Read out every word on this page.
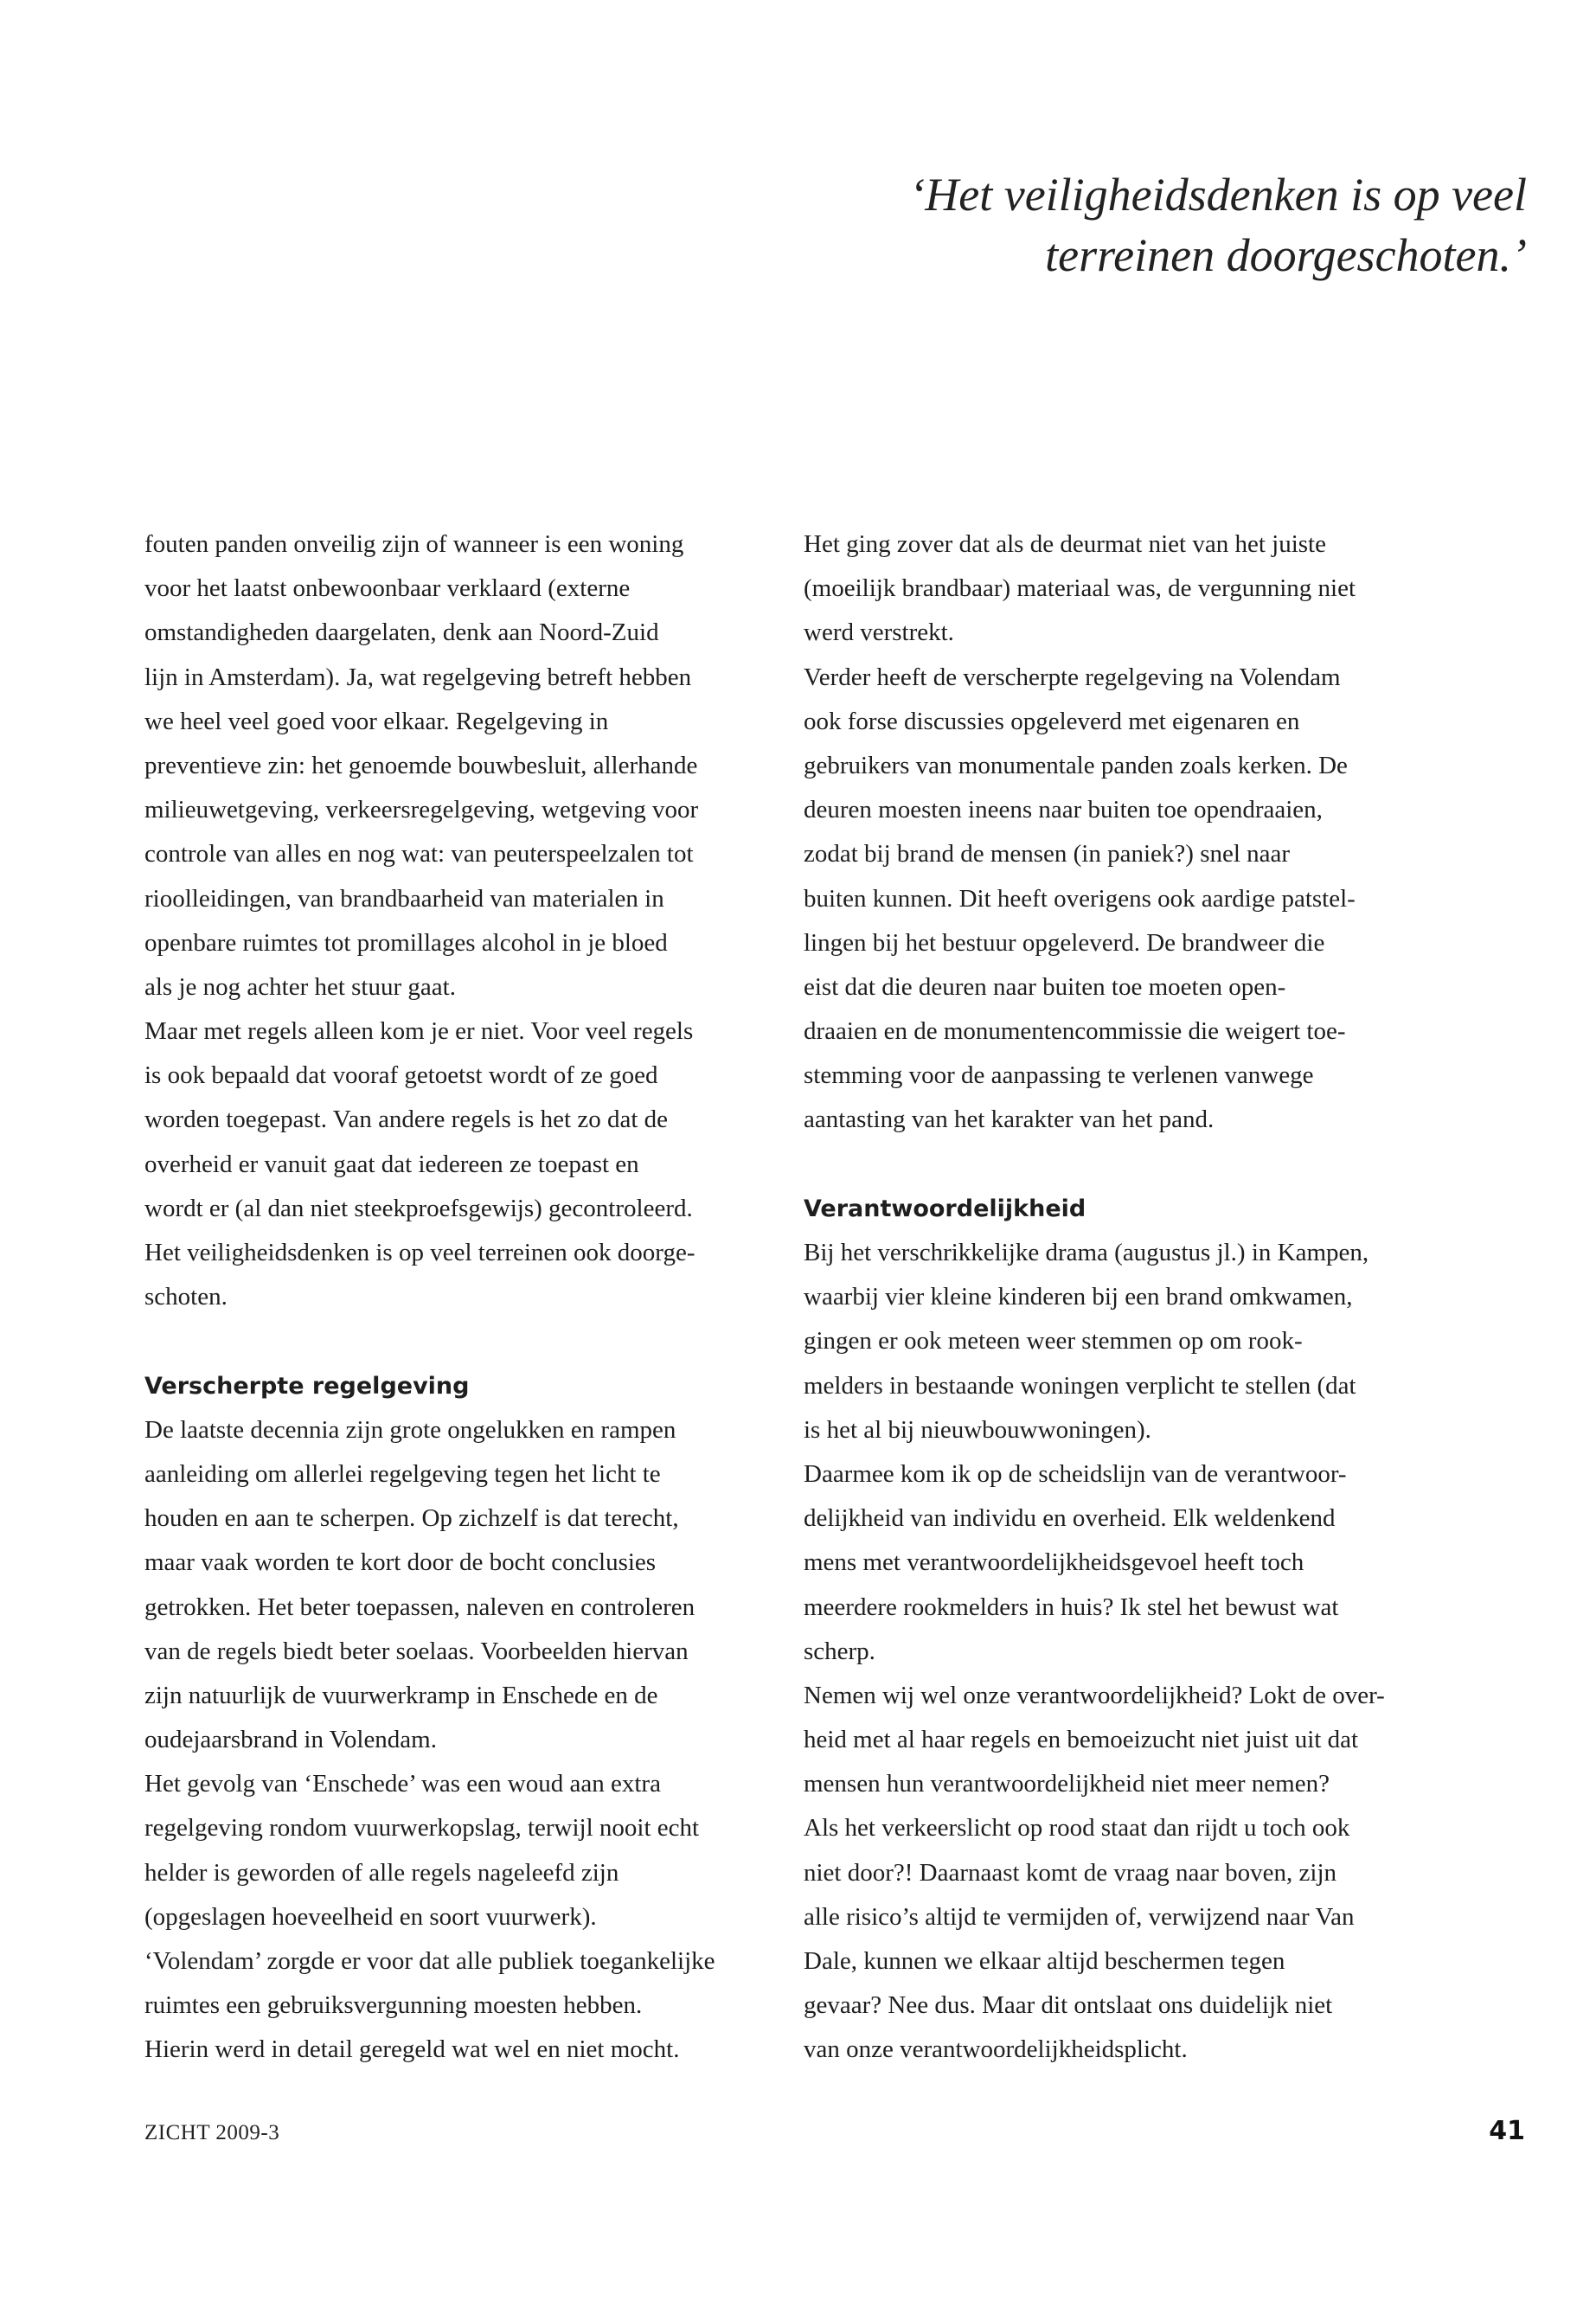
‘Het veiligheidsdenken is op veel
terreinen doorgeschoten.’
fouten panden onveilig zijn of wanneer is een woning
voor het laatst onbewoonbaar verklaard (externe
omstandigheden daargelaten, denk aan Noord-Zuid
lijn in Amsterdam). Ja, wat regelgeving betreft hebben
we heel veel goed voor elkaar. Regelgeving in
preventieve zin: het genoemde bouwbesluit, allerhande
milieuwetgeving, verkeersregelgeving, wetgeving voor
controle van alles en nog wat: van peuterspeelzalen tot
rioolleidingen, van brandbaarheid van materialen in
openbare ruimtes tot promillages alcohol in je bloed
als je nog achter het stuur gaat.
Maar met regels alleen kom je er niet. Voor veel regels
is ook bepaald dat vooraf getoetst wordt of ze goed
worden toegepast. Van andere regels is het zo dat de
overheid er vanuit gaat dat iedereen ze toepast en
wordt er (al dan niet steekproefsgewijs) gecontroleerd.
Het veiligheidsdenken is op veel terreinen ook doorge-
schoten.
Verscherpte regelgeving
De laatste decennia zijn grote ongelukken en rampen
aanleiding om allerlei regelgeving tegen het licht te
houden en aan te scherpen. Op zichzelf is dat terecht,
maar vaak worden te kort door de bocht conclusies
getrokken. Het beter toepassen, naleven en controleren
van de regels biedt beter soelaas. Voorbeelden hiervan
zijn natuurlijk de vuurwerkramp in Enschede en de
oudejaarsbrand in Volendam.
Het gevolg van ‘Enschede’ was een woud aan extra
regelgeving rondom vuurwerkopslag, terwijl nooit echt
helder is geworden of alle regels nageleefd zijn
(opgeslagen hoeveelheid en soort vuurwerk).
‘Volendam’ zorgde er voor dat alle publiek toegankelijke
ruimtes een gebruiksvergunning moesten hebben.
Hierin werd in detail geregeld wat wel en niet mocht.
Het ging zover dat als de deurmat niet van het juiste
(moeilijk brandbaar) materiaal was, de vergunning niet
werd verstrekt.
Verder heeft de verscherpte regelgeving na Volendam
ook forse discussies opgeleverd met eigenaren en
gebruikers van monumentale panden zoals kerken. De
deuren moesten ineens naar buiten toe opendraaien,
zodat bij brand de mensen (in paniek?) snel naar
buiten kunnen. Dit heeft overigens ook aardige patstel-
lingen bij het bestuur opgeleverd. De brandweer die
eist dat die deuren naar buiten toe moeten open-
draaien en de monumentencommissie die weigert toe-
stemming voor de aanpassing te verlenen vanwege
aantasting van het karakter van het pand.
Verantwoordelijkheid
Bij het verschrikkelijke drama (augustus jl.) in Kampen,
waarbij vier kleine kinderen bij een brand omkwamen,
gingen er ook meteen weer stemmen op om rook-
melders in bestaande woningen verplicht te stellen (dat
is het al bij nieuwbouwwoningen).
Daarmee kom ik op de scheidslijn van de verantwoor-
delijkheid van individu en overheid. Elk weldenkend
mens met verantwoordelijkheidsgevoel heeft toch
meerdere rookmelders in huis? Ik stel het bewust wat
scherp.
Nemen wij wel onze verantwoordelijkheid? Lokt de over-
heid met al haar regels en bemoeizucht niet juist uit dat
mensen hun verantwoordelijkheid niet meer nemen?
Als het verkeerslicht op rood staat dan rijdt u toch ook
niet door?! Daarnaast komt de vraag naar boven, zijn
alle risico’s altijd te vermijden of, verwijzend naar Van
Dale, kunnen we elkaar altijd beschermen tegen
gevaar? Nee dus. Maar dit ontslaat ons duidelijk niet
van onze verantwoordelijkheidsplicht.
ZICHT 2009-3	41
